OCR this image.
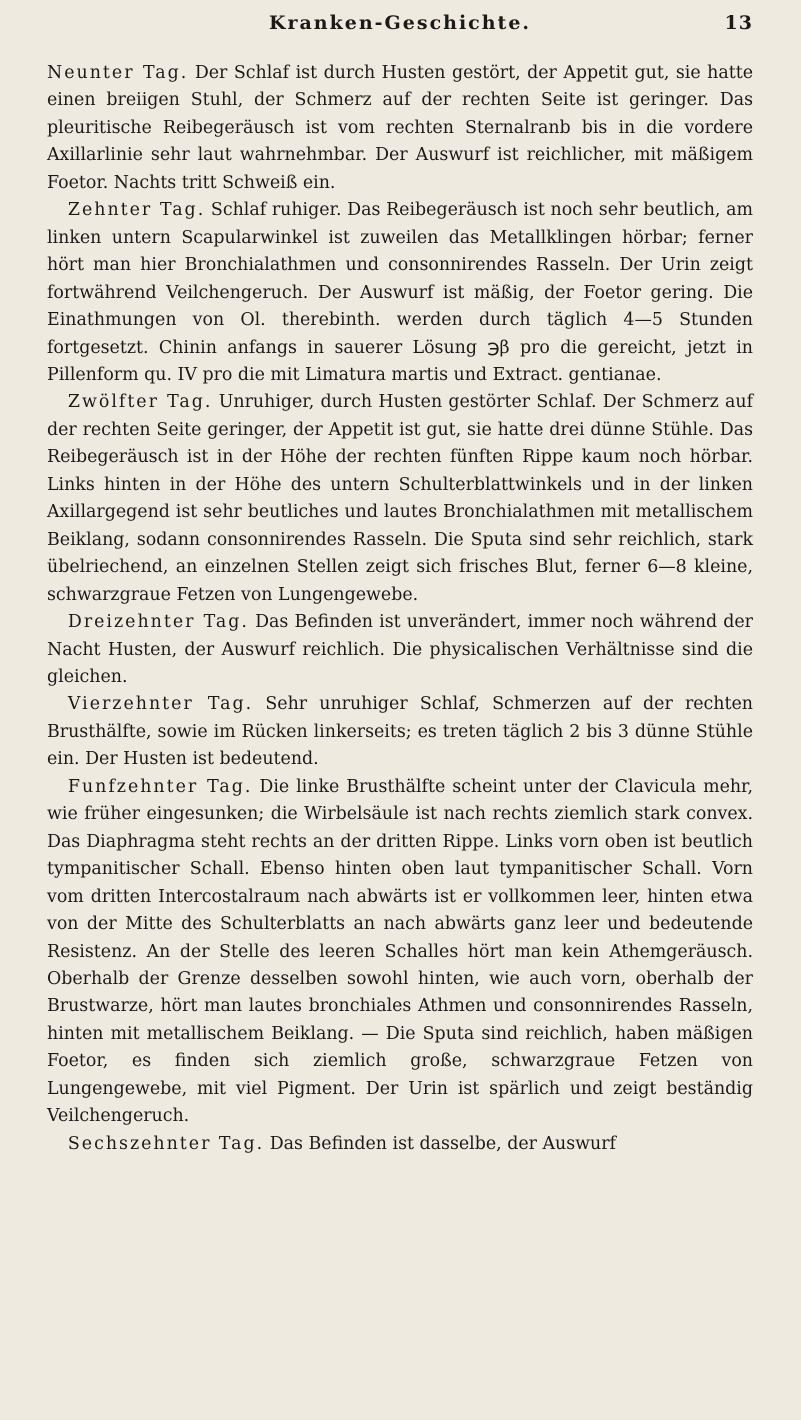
Kranken-Geschichte.	13

Neunter Tag. Der Schlaf ist durch Husten gestört, der Appetit gut, sie hatte einen breiigen Stuhl, der Schmerz auf der rechten Seite ist geringer. Das pleuritische Reibegeräusch ist vom rechten Sternalranb bis in die vordere Axillarlinie sehr laut wahrnehmbar. Der Auswurf ist reichlicher, mit mäßigem Foetor. Nachts tritt Schweiß ein.

Zehnter Tag. Schlaf ruhiger. Das Reibegeräusch ist noch sehr beutlich, am linken untern Scapularwinkel ist zuweilen das Metallklingen hörbar; ferner hört man hier Bronchialathmen und consonnirendes Rasseln. Der Urin zeigt fortwährend Veilchengeruch. Der Auswurf ist mäßig, der Foetor gering. Die Einathmungen von Ol. therebinth. werden durch täglich 4—5 Stunden fortgesetzt. Chinin anfangs in sauerer Lösung ℈β pro die gereicht, jetzt in Pillenform qu. IV pro die mit Limatura martis und Extract. gentianae.

Zwölfter Tag. Unruhiger, durch Husten gestörter Schlaf. Der Schmerz auf der rechten Seite geringer, der Appetit ist gut, sie hatte drei dünne Stühle. Das Reibegeräusch ist in der Höhe der rechten fünften Rippe kaum noch hörbar. Links hinten in der Höhe des untern Schulterblattwinkels und in der linken Axillargegend ist sehr beutliches und lautes Bronchialathmen mit metallischem Beiklang, sodann consonnirendes Rasseln. Die Sputa sind sehr reichlich, stark übelriechend, an einzelnen Stellen zeigt sich frisches Blut, ferner 6—8 kleine, schwarzgraue Fetzen von Lungengewebe.

Dreizehnter Tag. Das Befinden ist unverändert, immer noch während der Nacht Husten, der Auswurf reichlich. Die physicalischen Verhältnisse sind die gleichen.

Vierzehnter Tag. Sehr unruhiger Schlaf, Schmerzen auf der rechten Brusthälfte, sowie im Rücken linkerseits; es treten täglich 2 bis 3 dünne Stühle ein. Der Husten ist bedeutend.

Funfzehnter Tag. Die linke Brusthälfte scheint unter der Clavicula mehr, wie früher eingesunken; die Wirbelsäule ist nach rechts ziemlich stark convex. Das Diaphragma steht rechts an der dritten Rippe. Links vorn oben ist beutlich tympanitischer Schall. Ebenso hinten oben laut tympanitischer Schall. Vorn vom dritten Intercostalraum nach abwärts ist er vollkommen leer, hinten etwa von der Mitte des Schulterblatts an nach abwärts ganz leer und bedeutende Resistenz. An der Stelle des leeren Schalles hört man kein Athemgeräusch. Oberhalb der Grenze desselben sowohl hinten, wie auch vorn, oberhalb der Brustwarze, hört man lautes bronchiales Athmen und consonnirendes Rasseln, hinten mit metallischem Beiklang. — Die Sputa sind reichlich, haben mäßigen Foetor, es finden sich ziemlich große, schwarzgraue Fetzen von Lungengewebe, mit viel Pigment. Der Urin ist spärlich und zeigt beständig Veilchengeruch.

Sechszehnter Tag. Das Befinden ist dasselbe, der Auswurf
